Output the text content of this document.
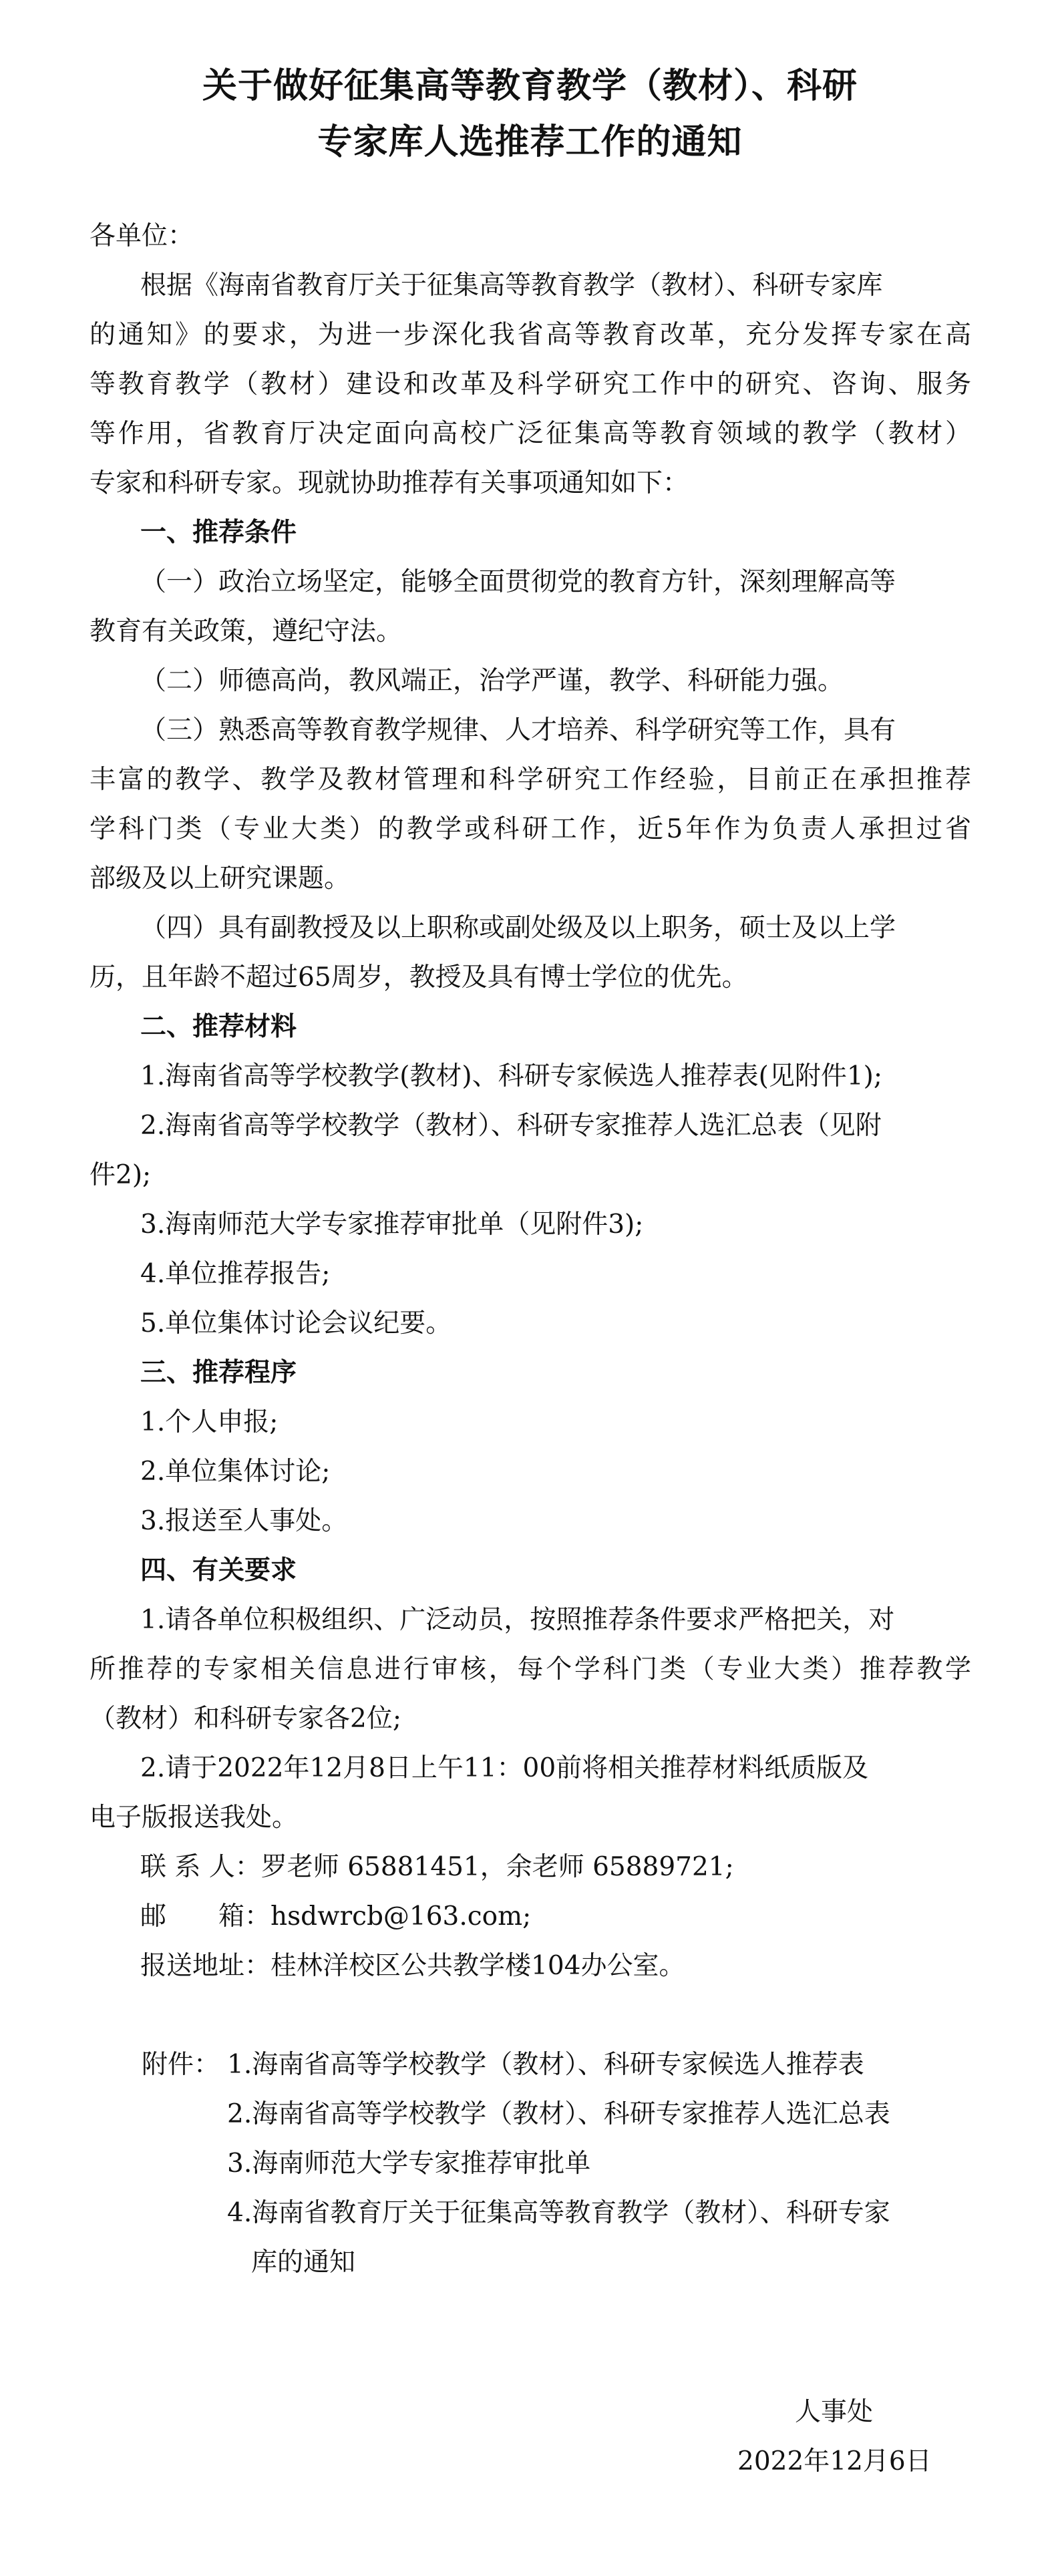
关于做好征集高等教育教学（教材）、科研
专家库人选推荐工作的通知
各单位：
根据《海南省教育厅关于征集高等教育教学（教材）、科研专家库
的通知》的要求，为进一步深化我省高等教育改革，充分发挥专家在高
等教育教学（教材）建设和改革及科学研究工作中的研究、咨询、服务
等作用，省教育厅决定面向高校广泛征集高等教育领域的教学（教材）
专家和科研专家。现就协助推荐有关事项通知如下：
一、推荐条件
（一）政治立场坚定，能够全面贯彻党的教育方针，深刻理解高等
教育有关政策，遵纪守法。
（二）师德高尚，教风端正，治学严谨，教学、科研能力强。
（三）熟悉高等教育教学规律、人才培养、科学研究等工作，具有
丰富的教学、教学及教材管理和科学研究工作经验，目前正在承担推荐
学科门类（专业大类）的教学或科研工作，近5年作为负责人承担过省
部级及以上研究课题。
（四）具有副教授及以上职称或副处级及以上职务，硕士及以上学
历，且年龄不超过65周岁，教授及具有博士学位的优先。
二、推荐材料
1.海南省高等学校教学(教材)、科研专家候选人推荐表(见附件1);
2.海南省高等学校教学（教材）、科研专家推荐人选汇总表（见附
件2);
3.海南师范大学专家推荐审批单（见附件3);
4.单位推荐报告;
5.单位集体讨论会议纪要。
三、推荐程序
1.个人申报;
2.单位集体讨论;
3.报送至人事处。
四、有关要求
1.请各单位积极组织、广泛动员，按照推荐条件要求严格把关，对
所推荐的专家相关信息进行审核，每个学科门类（专业大类）推荐教学
（教材）和科研专家各2位;
2.请于2022年12月8日上午11：00前将相关推荐材料纸质版及
电子版报送我处。
联 系 人：罗老师 65881451，余老师 65889721;
邮　　箱：hsdwrcb@163.com;
报送地址：桂林洋校区公共教学楼104办公室。
附件： 1.海南省高等学校教学（教材）、科研专家候选人推荐表
2.海南省高等学校教学（教材）、科研专家推荐人选汇总表
3.海南师范大学专家推荐审批单
4.海南省教育厅关于征集高等教育教学（教材）、科研专家
库的通知
人事处
2022年12月6日
